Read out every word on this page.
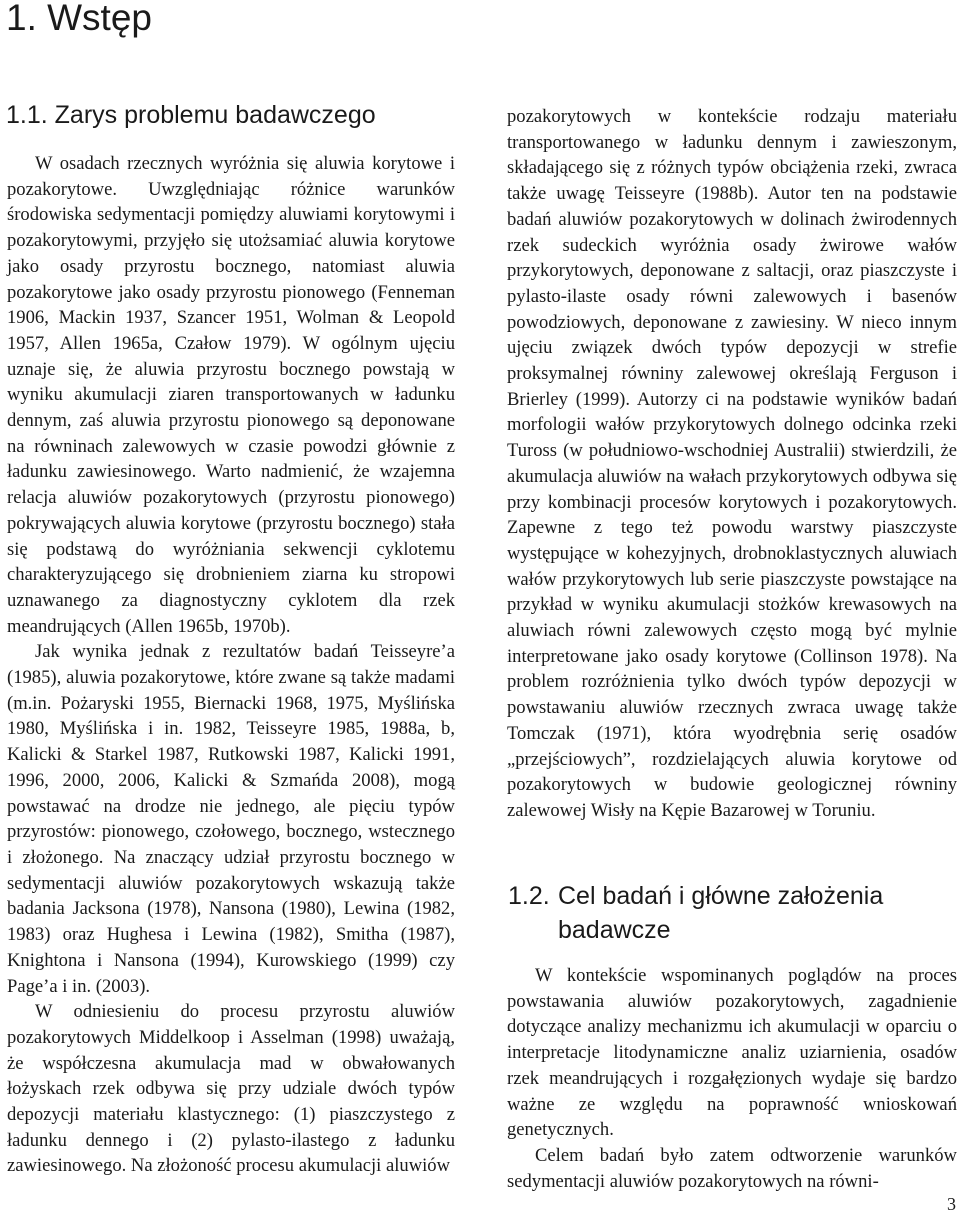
1. Wstęp
1.1. Zarys problemu badawczego

W osadach rzecznych wyróżnia się aluwia korytowe i pozakorytowe. Uwzględniając różnice warunków środowiska sedymentacji pomiędzy aluwiami korytowymi i pozakorytowymi, przyjęło się utożsamiać aluwia korytowe jako osady przyrostu bocznego, natomiast aluwia pozakorytowe jako osady przyrostu pionowego (Fenneman 1906, Mackin 1937, Szancer 1951, Wolman & Leopold 1957, Allen 1965a, Czałow 1979). W ogólnym ujęciu uznaje się, że aluwia przyrostu bocznego powstają w wyniku akumulacji ziaren transportowanych w ładunku dennym, zaś aluwia przyrostu pionowego są deponowane na równinach zalewowych w czasie powodzi głównie z ładunku zawiesinowego. Warto nadmienić, że wzajemna relacja aluwiów pozakorytowych (przyrostu pionowego) pokrywających aluwia korytowe (przyrostu bocznego) stała się podstawą do wyróżniania sekwencji cyklotemu charakteryzującego się drobnieniem ziarna ku stropowi uznawanego za diagnostyczny cyklotem dla rzek meandrujących (Allen 1965b, 1970b).

Jak wynika jednak z rezultatów badań Teisseyre’a (1985), aluwia pozakorytowe, które zwane są także madami (m.in. Pożaryski 1955, Biernacki 1968, 1975, Myślińska 1980, Myślińska i in. 1982, Teisseyre 1985, 1988a, b, Kalicki & Starkel 1987, Rutkowski 1987, Kalicki 1991, 1996, 2000, 2006, Kalicki & Szmańda 2008), mogą powstawać na drodze nie jednego, ale pięciu typów przyrostów: pionowego, czołowego, bocznego, wstecznego i złożonego. Na znaczący udział przyrostu bocznego w sedymentacji aluwiów pozakorytowych wskazują także badania Jacksona (1978), Nansona (1980), Lewina (1982, 1983) oraz Hughesa i Lewina (1982), Smitha (1987), Knightona i Nansona (1994), Kurowskiego (1999) czy Page’a i in. (2003).

W odniesieniu do procesu przyrostu aluwiów pozakorytowych Middelkoop i Asselman (1998) uważają, że współczesna akumulacja mad w obwałowanych łożyskach rzek odbywa się przy udziale dwóch typów depozycji materiału klastycznego: (1) piaszczystego z ładunku dennego i (2) pylasto-ilastego z ładunku zawiesinowego. Na złożoność procesu akumulacji aluwiów

pozakorytowych w kontekście rodzaju materiału transportowanego w ładunku dennym i zawieszonym, składającego się z różnych typów obciążenia rzeki, zwraca także uwagę Teisseyre (1988b). Autor ten na podstawie badań aluwiów pozakorytowych w dolinach żwirodennych rzek sudeckich wyróżnia osady żwirowe wałów przykorytowych, deponowane z saltacji, oraz piaszczyste i pylasto-ilaste osady równi zalewowych i basenów powodziowych, deponowane z zawiesiny. W nieco innym ujęciu związek dwóch typów depozycji w strefie proksymalnej równiny zalewowej określają Ferguson i Brierley (1999). Autorzy ci na podstawie wyników badań morfologii wałów przykorytowych dolnego odcinka rzeki Tuross (w południowo-wschodniej Australii) stwierdzili, że akumulacja aluwiów na wałach przykorytowych odbywa się przy kombinacji procesów korytowych i pozakorytowych. Zapewne z tego też powodu warstwy piaszczyste występujące w kohezyjnych, drobnoklastycznych aluwiach wałów przykorytowych lub serie piaszczyste powstające na przykład w wyniku akumulacji stożków krewasowych na aluwiach równi zalewowych często mogą być mylnie interpretowane jako osady korytowe (Collinson 1978). Na problem rozróżnienia tylko dwóch typów depozycji w powstawaniu aluwiów rzecznych zwraca uwagę także Tomczak (1971), która wyodrębnia serię osadów „przejściowych”, rozdzielających aluwia korytowe od pozakorytowych w budowie geologicznej równiny zalewowej Wisły na Kępie Bazarowej w Toruniu.

1.2. Cel badań i główne założenia badawcze

W kontekście wspominanych poglądów na proces powstawania aluwiów pozakorytowych, zagadnienie dotyczące analizy mechanizmu ich akumulacji w oparciu o interpretacje litodynamiczne analiz uziarnienia, osadów rzek meandrujących i rozgałęzionych wydaje się bardzo ważne ze względu na poprawność wnioskowań genetycznych.

Celem badań było zatem odtworzenie warunków sedymentacji aluwiów pozakorytowych na równi-

3
